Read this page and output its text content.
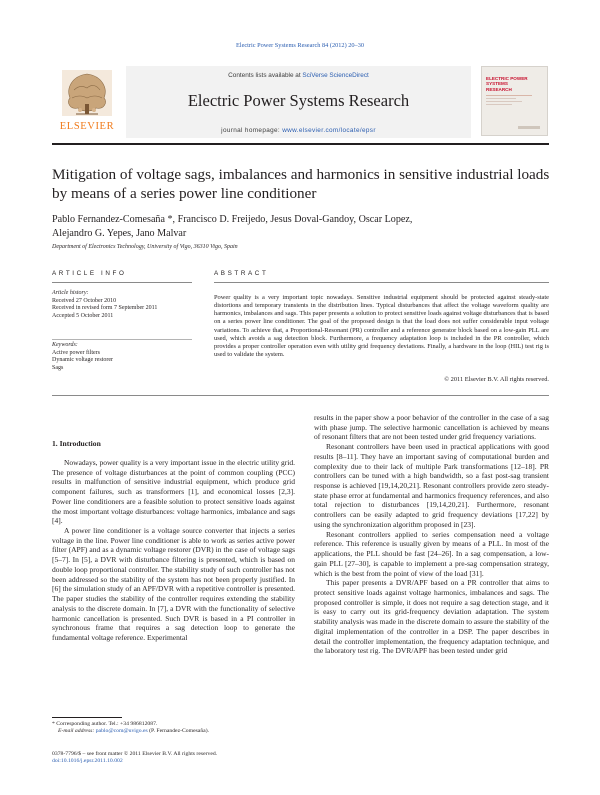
Electric Power Systems Research 84 (2012) 20–30
ELSEVIER
Contents lists available at SciVerse ScienceDirect
Electric Power Systems Research
journal homepage: www.elsevier.com/locate/epsr
ELECTRIC POWER SYSTEMS RESEARCH
Mitigation of voltage sags, imbalances and harmonics in sensitive industrial loads
by means of a series power line conditioner
Pablo Fernandez-Comesaña *, Francisco D. Freijedo, Jesus Doval-Gandoy, Oscar Lopez,
Alejandro G. Yepes, Jano Malvar
Department of Electronics Technology, University of Vigo, 36310 Vigo, Spain
ARTICLE INFO	ABSTRACT
Article history:
Received 27 October 2010
Received in revised form 7 September 2011
Accepted 5 October 2011
Keywords:
Active power filters
Dynamic voltage restorer
Sags
Power quality is a very important topic nowadays. Sensitive industrial equipment should be protected against steady-state distortions and temporary transients in the distribution lines. Typical disturbances that affect the voltage waveform quality are harmonics, imbalances and sags. This paper presents a solution to protect sensitive loads against voltage disturbances that is based on a series power line conditioner. The goal of the proposed design is that the load does not suffer considerable input voltage variations. To achieve that, a Proportional-Resonant (PR) controller and a reference generator block based on a low-gain PLL are used, which avoids a sag detection block. Furthermore, a frequency adaptation loop is included in the PR controller, which provides a proper controller operation even with utility grid frequency deviations. Finally, a hardware in the loop (HIL) test rig is used to validate the system.
© 2011 Elsevier B.V. All rights reserved.
1. Introduction

Nowadays, power quality is a very important issue in the electric utility grid. The presence of voltage disturbances at the point of common coupling (PCC) results in malfunction of sensitive industrial equipment, which produce grid component failures, such as transformers [1], and economical losses [2,3]. Power line conditioners are a feasible solution to protect sensitive loads against the most important voltage disturbances: voltage harmonics, imbalance and sags [4].

A power line conditioner is a voltage source converter that injects a series voltage in the line. Power line conditioner is able to work as series active power filter (APF) and as a dynamic voltage restorer (DVR) in the case of voltage sags [5–7]. In [5], a DVR with disturbance filtering is presented, which is based on double loop proportional controller. The stability study of such controller has not been addressed so the stability of the system has not been properly justified. In [6] the simulation study of an APF/DVR with a repetitive controller is presented. The paper studies the stability of the controller requires extending the stability analysis to the discrete domain. In [7], a DVR with the functionality of selective harmonic cancellation is presented. Such DVR is based in a PI controller in synchronous frame that requires a sag detection loop to generate the fundamental voltage reference. Experimental

results in the paper show a poor behavior of the controller in the case of a sag with phase jump. The selective harmonic cancellation is achieved by means of resonant filters that are not been tested under grid frequency variations.

Resonant controllers have been used in practical applications with good results [8–11]. They have an important saving of computational burden and complexity due to their lack of multiple Park transformations [12–18]. PR controllers can be tuned with a high bandwidth, so a fast post-sag transient response is achieved [19,14,20,21]. Resonant controllers provide zero steady-state phase error at fundamental and harmonics frequency references, and also total rejection to disturbances [19,14,20,21]. Furthermore, resonant controllers can be easily adapted to grid frequency deviations [17,22] by using the synchronization algorithm proposed in [23].

Resonant controllers applied to series compensation need a voltage reference. This reference is usually given by means of a PLL. In most of the applications, the PLL should be fast [24–26]. In a sag compensation, a low-gain PLL [27–30], is capable to implement a pre-sag compensation strategy, which is the best from the point of view of the load [31].

This paper presents a DVR/APF based on a PR controller that aims to protect sensitive loads against voltage harmonics, imbalances and sags. The proposed controller is simple, it does not require a sag detection stage, and it is easy to carry out its grid-frequency deviation adaptation. The system stability analysis was made in the discrete domain to assure the stability of the digital implementation of the controller in a DSP. The paper describes in detail the controller implementation, the frequency adaptation technique, and the laboratory test rig. The DVR/APF has been tested under grid

* Corresponding author. Tel.: +34 986812087.
E-mail address: pablo@com@uvigo.es (P. Fernandez-Comesaña).
0378-7796/$ – see front matter © 2011 Elsevier B.V. All rights reserved.
doi:10.1016/j.epsr.2011.10.002
